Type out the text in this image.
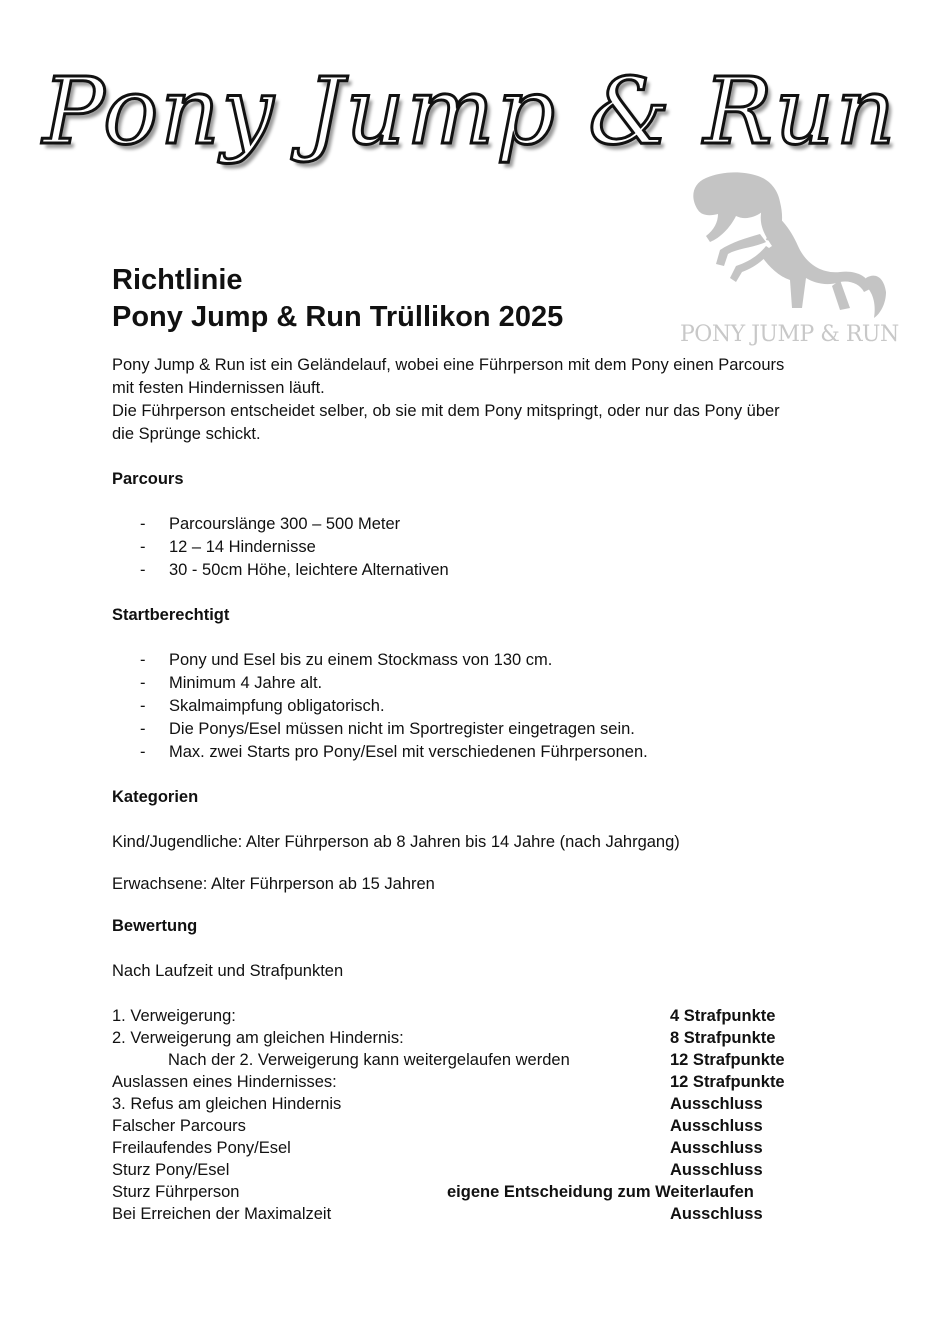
Pony Jump & Run
PONY JUMP & RUN
Richtlinie
Pony Jump & Run Trüllikon 2025
Pony Jump & Run ist ein Geländelauf, wobei eine Führperson mit dem Pony einen Parcours
mit festen Hindernissen läuft.
Die Führperson entscheidet selber, ob sie mit dem Pony mitspringt, oder nur das Pony über
die Sprünge schickt.
Parcours
- Parcourslänge 300 – 500 Meter
- 12 – 14 Hindernisse
- 30 - 50cm Höhe, leichtere Alternativen
Startberechtigt
- Pony und Esel bis zu einem Stockmass von 130 cm.
- Minimum 4 Jahre alt.
- Skalmaimpfung obligatorisch.
- Die Ponys/Esel müssen nicht im Sportregister eingetragen sein.
- Max. zwei Starts pro Pony/Esel mit verschiedenen Führpersonen.
Kategorien
Kind/Jugendliche: Alter Führperson ab 8 Jahren bis 14 Jahre (nach Jahrgang)
Erwachsene: Alter Führperson ab 15 Jahren
Bewertung
Nach Laufzeit und Strafpunkten
1. Verweigerung:	4 Strafpunkte
2. Verweigerung am gleichen Hindernis:	8 Strafpunkte
Nach der 2. Verweigerung kann weitergelaufen werden	12 Strafpunkte
Auslassen eines Hindernisses:	12 Strafpunkte
3. Refus am gleichen Hindernis	Ausschluss
Falscher Parcours	Ausschluss
Freilaufendes Pony/Esel	Ausschluss
Sturz Pony/Esel	Ausschluss
Sturz Führperson	eigene Entscheidung zum Weiterlaufen
Bei Erreichen der Maximalzeit	Ausschluss
